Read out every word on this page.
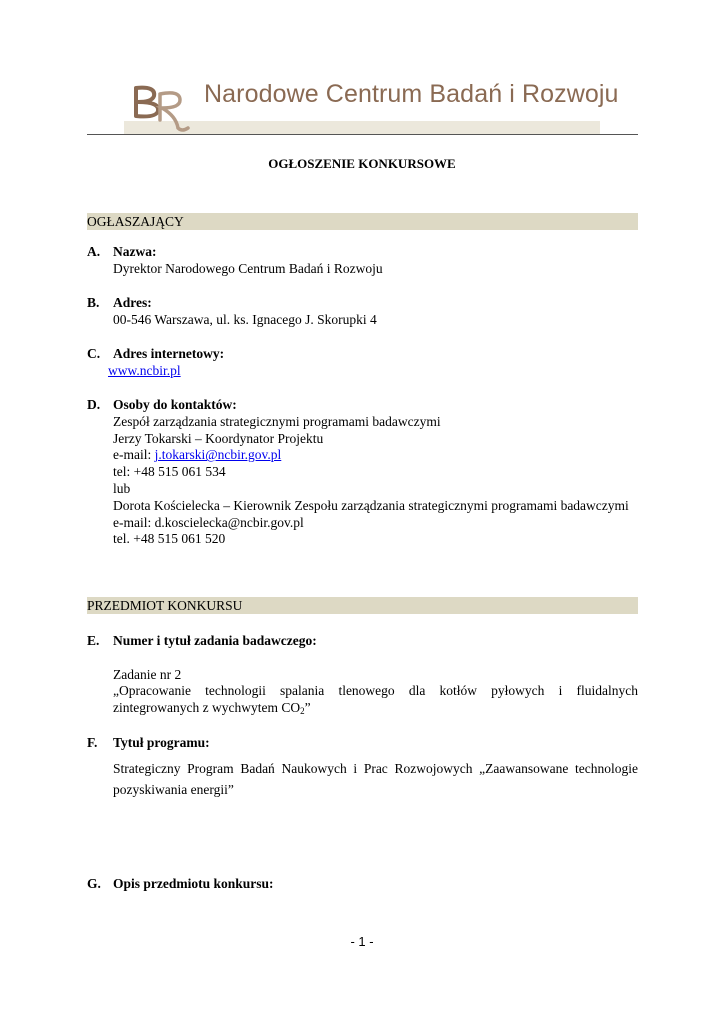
Narodowe Centrum Badań i Rozwoju
OGŁOSZENIE KONKURSOWE
OGŁASZAJĄCY
A. Nazwa:
Dyrektor Narodowego Centrum Badań i Rozwoju
B. Adres:
00-546 Warszawa, ul. ks. Ignacego J. Skorupki 4
C. Adres internetowy:
www.ncbir.pl
D. Osoby do kontaktów:
Zespół zarządzania strategicznymi programami badawczymi
Jerzy Tokarski – Koordynator Projektu
e-mail: j.tokarski@ncbir.gov.pl
tel: +48 515 061 534
lub
Dorota Kościelecka – Kierownik Zespołu zarządzania strategicznymi programami badawczymi
e-mail: d.koscielecka@ncbir.gov.pl
tel. +48 515 061 520
PRZEDMIOT KONKURSU
E. Numer i tytuł zadania badawczego:
Zadanie nr 2
„Opracowanie technologii spalania tlenowego dla kotłów pyłowych i fluidalnych zintegrowanych z wychwytem $CO_2$”
F. Tytuł programu:
Strategiczny Program Badań Naukowych i Prac Rozwojowych „Zaawansowane technologie pozyskiwania energii”
G. Opis przedmiotu konkursu:
- 1 -
